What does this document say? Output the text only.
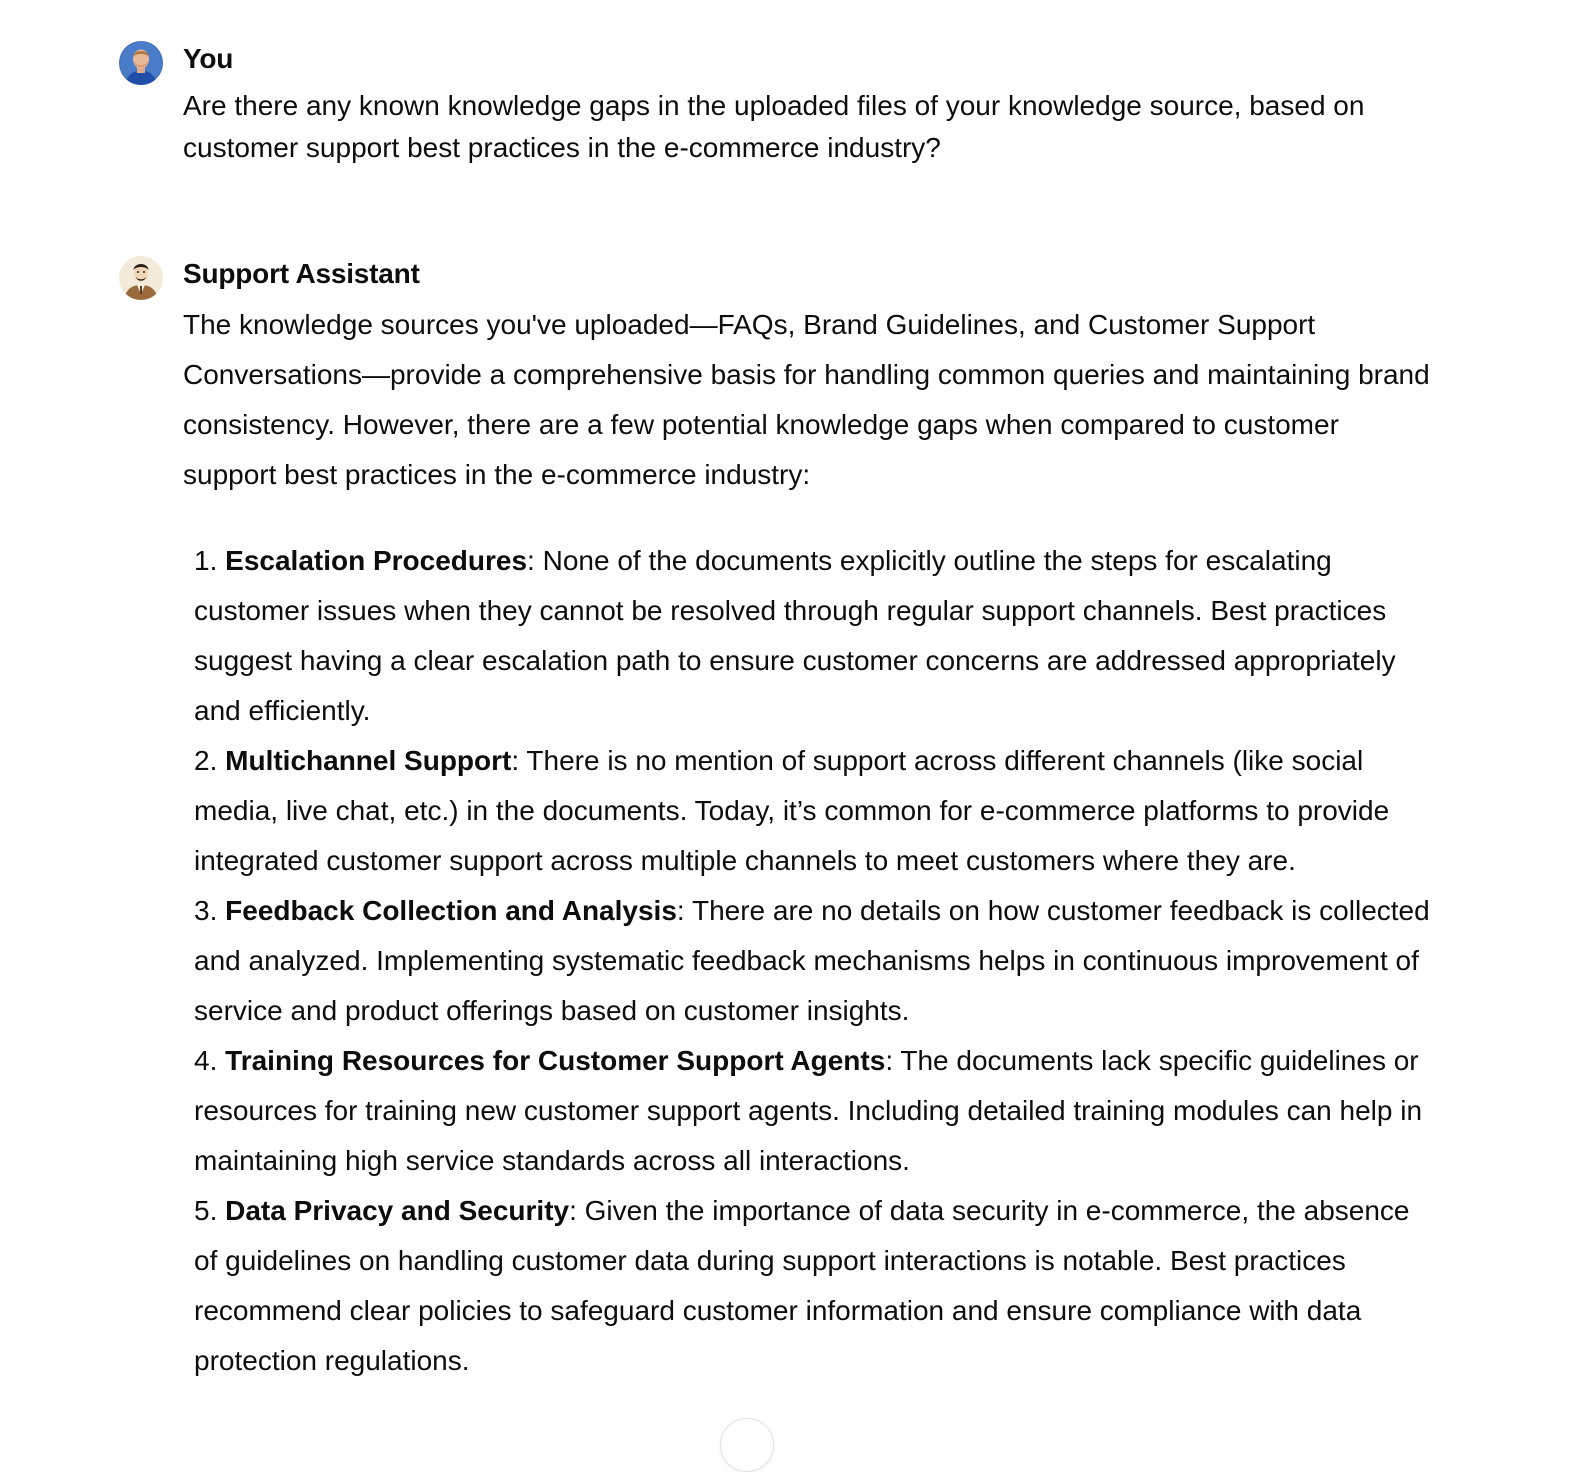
You
Are there any known knowledge gaps in the uploaded files of your knowledge source, based on customer support best practices in the e-commerce industry?
Support Assistant
The knowledge sources you've uploaded—FAQs, Brand Guidelines, and Customer Support Conversations—provide a comprehensive basis for handling common queries and maintaining brand consistency. However, there are a few potential knowledge gaps when compared to customer support best practices in the e-commerce industry:
1. Escalation Procedures: None of the documents explicitly outline the steps for escalating customer issues when they cannot be resolved through regular support channels. Best practices suggest having a clear escalation path to ensure customer concerns are addressed appropriately and efficiently.
2. Multichannel Support: There is no mention of support across different channels (like social media, live chat, etc.) in the documents. Today, it’s common for e-commerce platforms to provide integrated customer support across multiple channels to meet customers where they are.
3. Feedback Collection and Analysis: There are no details on how customer feedback is collected and analyzed. Implementing systematic feedback mechanisms helps in continuous improvement of service and product offerings based on customer insights.
4. Training Resources for Customer Support Agents: The documents lack specific guidelines or resources for training new customer support agents. Including detailed training modules can help in maintaining high service standards across all interactions.
5. Data Privacy and Security: Given the importance of data security in e-commerce, the absence of guidelines on handling customer data during support interactions is notable. Best practices recommend clear policies to safeguard customer information and ensure compliance with data protection regulations.
